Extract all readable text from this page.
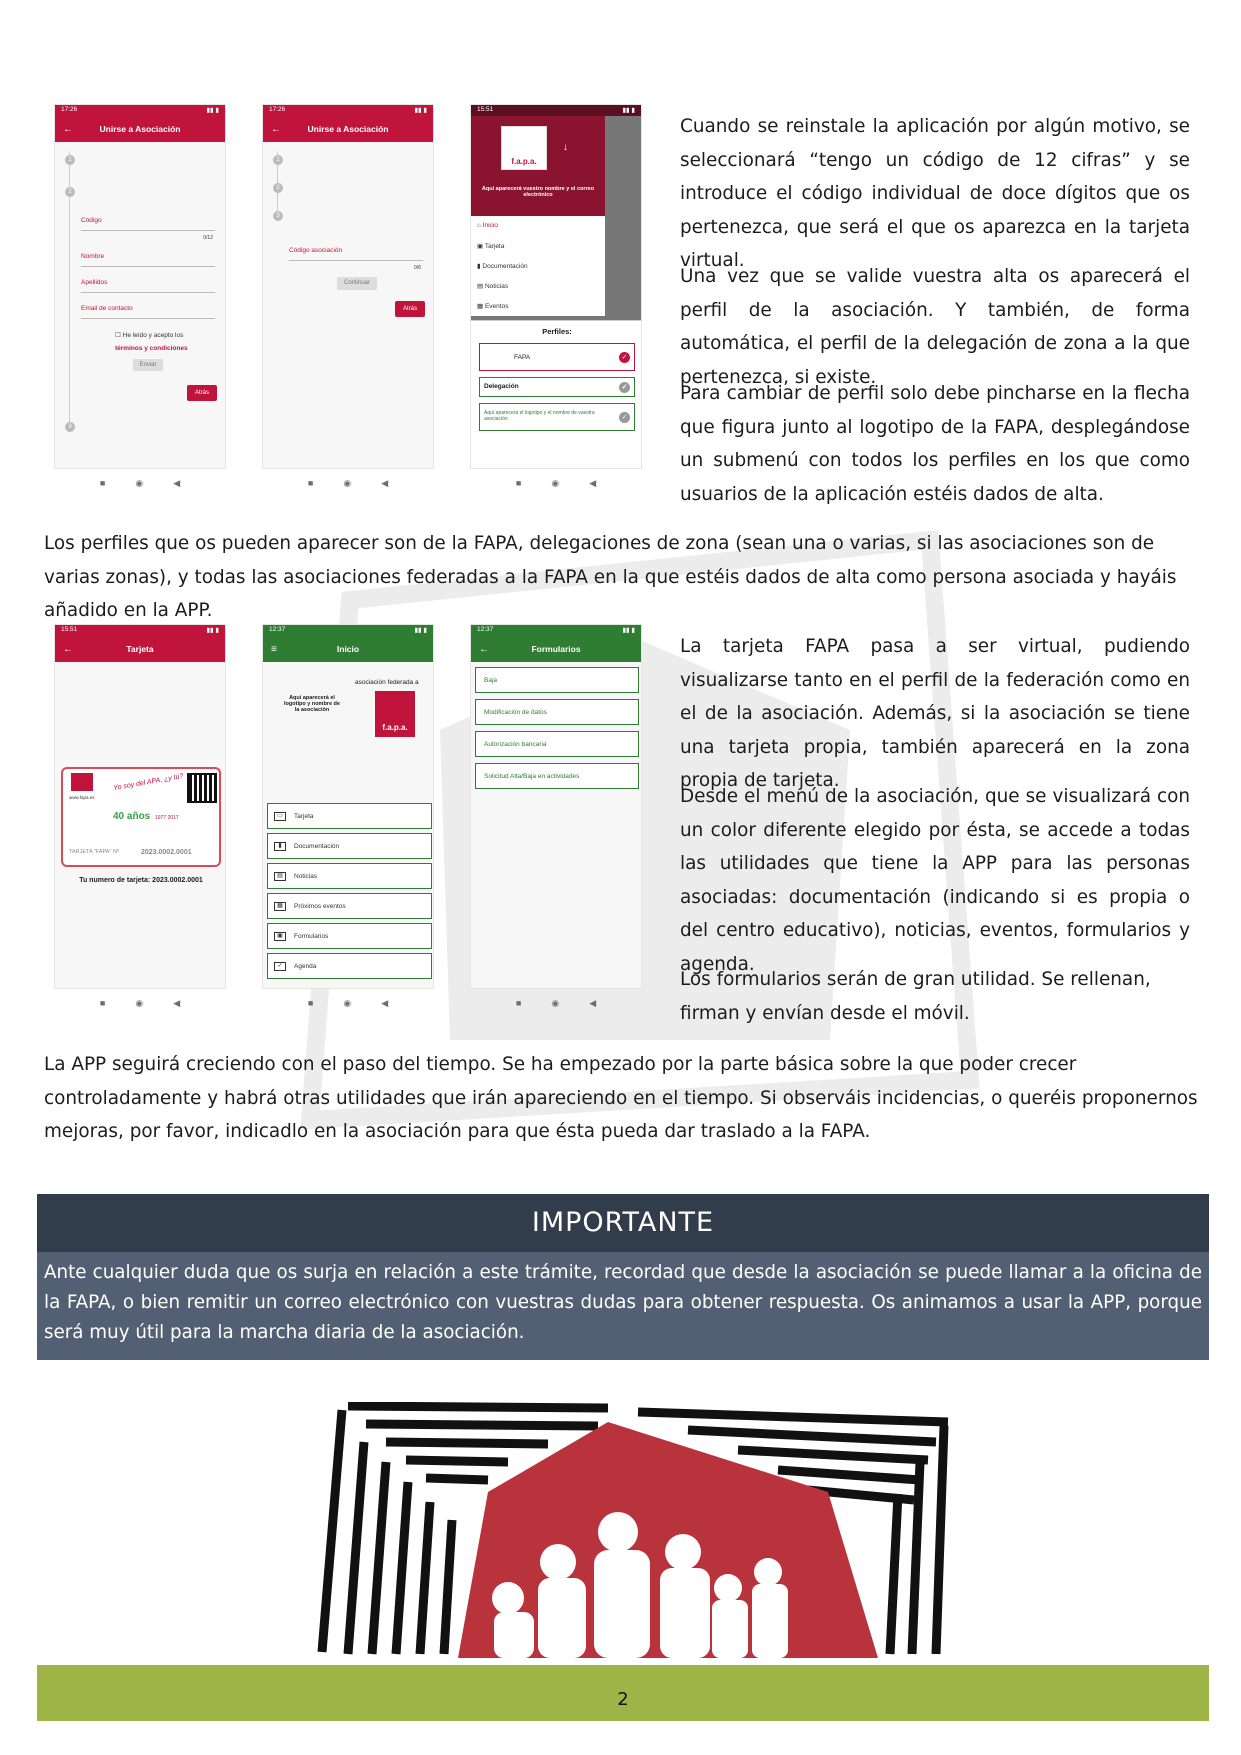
17:26	▮▮ ▮
←	Unirse a Asociación
1
2
3
Código
0/12
Nombre
Apellidos
Email de contacto
☐ He leído y acepto los
términos y condiciones
Enviar
Atrás
■	◉	◀
17:26	▮▮ ▮
←	Unirse a Asociación
1
2
3
Código asociación
0/6
Continuar
Atrás
■	◉	◀
15:51	▮▮ ▮
f.a.p.a.
↓
Aquí aparecerá vuestro nombre y el correo electrónico
⌂ Inicio
▣ Tarjeta
▮ Documentación
▤ Noticias
▦ Eventos
Perfiles:
FAPA	✓
Delegación	✓
Aquí aparecerá el logotipo y el nombre de vuestra asociación	✓
■	◉	◀
Cuando se reinstale la aplicación por algún motivo, se seleccionará “tengo un código de 12 cifras” y se introduce el código individual de doce dígitos que os pertenezca, que será el que os aparezca en la tarjeta virtual.
Una vez que se valide vuestra alta os aparecerá el perfil de la asociación. Y también, de forma automática, el perfil de la delegación de zona a la que pertenezca, si existe.
Para cambiar de perfil solo debe pincharse en la flecha que figura junto al logotipo de la FAPA, desplegándose un submenú con todos los perfiles en los que como usuarios de la aplicación estéis dados de alta.
Los perfiles que os pueden aparecer son de la FAPA, delegaciones de zona (sean una o varias, si las asociaciones son de varias zonas), y todas las asociaciones federadas a la FAPA en la que estéis dados de alta como persona asociada y hayáis añadido en la APP.
15:51	▮▮ ▮
←	Tarjeta
www.fapa.es
Yo soy del APA, ¿y tú?
40 años 1977 2017
TARJETA "FAPA" Nº	2023.0002.0001
Tu numero de tarjeta: 2023.0002.0001
■	◉	◀
12:37	▮▮ ▮
≡	Inicio
Aquí aparecerá el logotipo y nombre de la asociación
asociación federada a
f.a.p.a.
▭	Tarjeta
▮	Documentación
▤	Noticias
▦	Próximos eventos
▣	Formularios
✓	Agenda
■	◉	◀
12:37	▮▮ ▮
←	Formularios
Baja
Modificación de datos
Autorización bancaria
Solicitud Alta/Baja en actividades
■	◉	◀
La tarjeta FAPA pasa a ser virtual, pudiendo visualizarse tanto en el perfil de la federación como en el de la asociación. Además, si la asociación se tiene una tarjeta propia, también aparecerá en la zona propia de tarjeta.
Desde el menú de la asociación, que se visualizará con un color diferente elegido por ésta, se accede a todas las utilidades que tiene la APP para las personas asociadas: documentación (indicando si es propia o del centro educativo), noticias, eventos, formularios y agenda.
Los formularios serán de gran utilidad. Se rellenan, firman y envían desde el móvil.
La APP seguirá creciendo con el paso del tiempo. Se ha empezado por la parte básica sobre la que poder crecer controladamente y habrá otras utilidades que irán apareciendo en el tiempo. Si observáis incidencias, o queréis proponernos mejoras, por favor, indicadlo en la asociación para que ésta pueda dar traslado a la FAPA.
IMPORTANTE
Ante cualquier duda que os surja en relación a este trámite, recordad que desde la asociación se puede llamar a la oficina de la FAPA, o bien remitir un correo electrónico con vuestras dudas para obtener respuesta. Os animamos a usar la APP, porque será muy útil para la marcha diaria de la asociación.
2
